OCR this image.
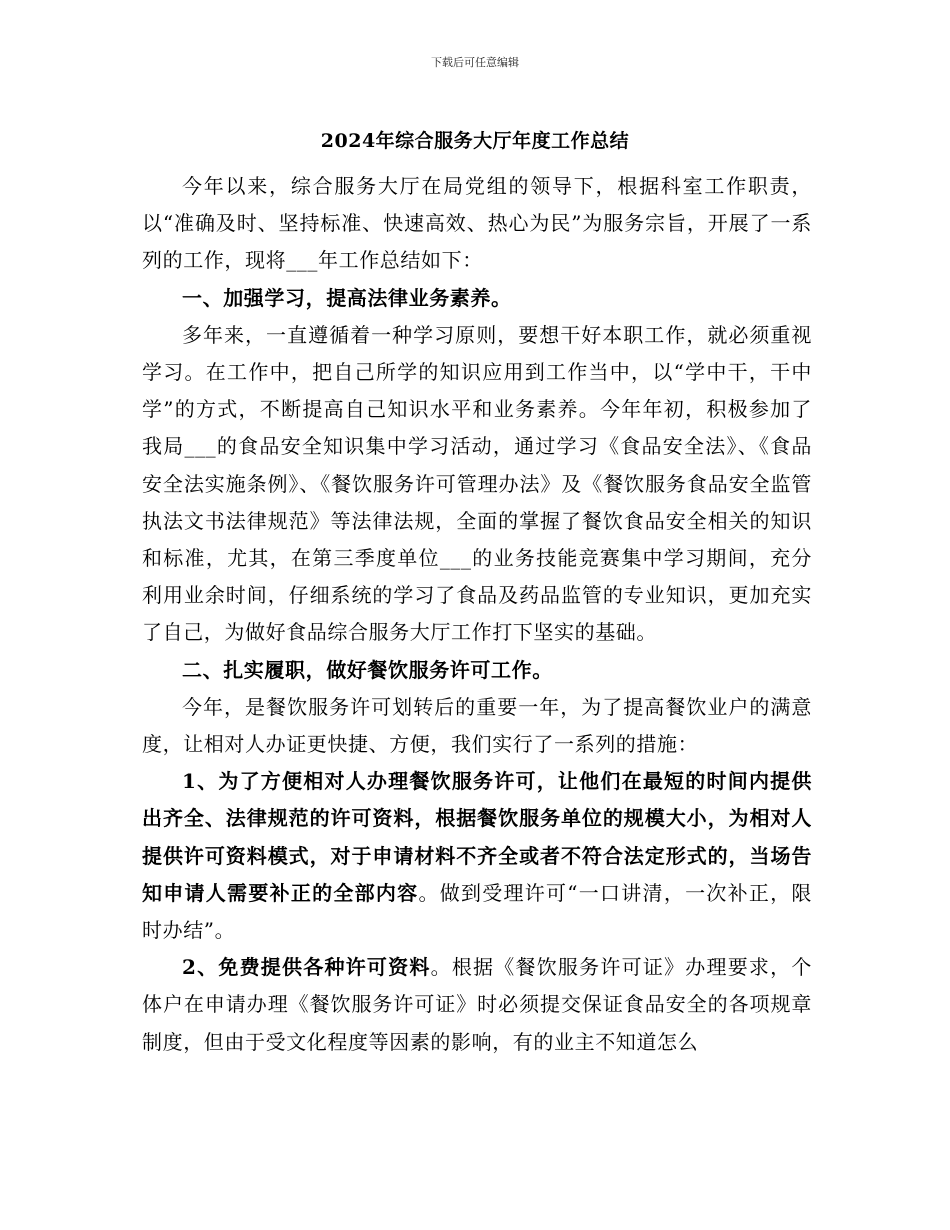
下载后可任意编辑
2024年综合服务大厅年度工作总结

今年以来，综合服务大厅在局党组的领导下，根据科室工作职责，以“准确及时、坚持标准、快速高效、热心为民”为服务宗旨，开展了一系列的工作，现将___年工作总结如下：

一、加强学习，提高法律业务素养。

多年来，一直遵循着一种学习原则，要想干好本职工作，就必须重视学习。在工作中，把自己所学的知识应用到工作当中，以“学中干，干中学”的方式，不断提高自己知识水平和业务素养。今年年初，积极参加了我局___的食品安全知识集中学习活动，通过学习《食品安全法》、《食品安全法实施条例》、《餐饮服务许可管理办法》及《餐饮服务食品安全监管执法文书法律规范》等法律法规，全面的掌握了餐饮食品安全相关的知识和标准，尤其，在第三季度单位___的业务技能竞赛集中学习期间，充分利用业余时间，仔细系统的学习了食品及药品监管的专业知识，更加充实了自己，为做好食品综合服务大厅工作打下坚实的基础。

二、扎实履职，做好餐饮服务许可工作。

今年，是餐饮服务许可划转后的重要一年，为了提高餐饮业户的满意度，让相对人办证更快捷、方便，我们实行了一系列的措施：

1、为了方便相对人办理餐饮服务许可，让他们在最短的时间内提供出齐全、法律规范的许可资料，根据餐饮服务单位的规模大小，为相对人提供许可资料模式，对于申请材料不齐全或者不符合法定形式的，当场告知申请人需要补正的全部内容。做到受理许可“一口讲清，一次补正，限时办结”。

2、免费提供各种许可资料。根据《餐饮服务许可证》办理要求，个体户在申请办理《餐饮服务许可证》时必须提交保证食品安全的各项规章制度，但由于受文化程度等因素的影响，有的业主不知道怎么
